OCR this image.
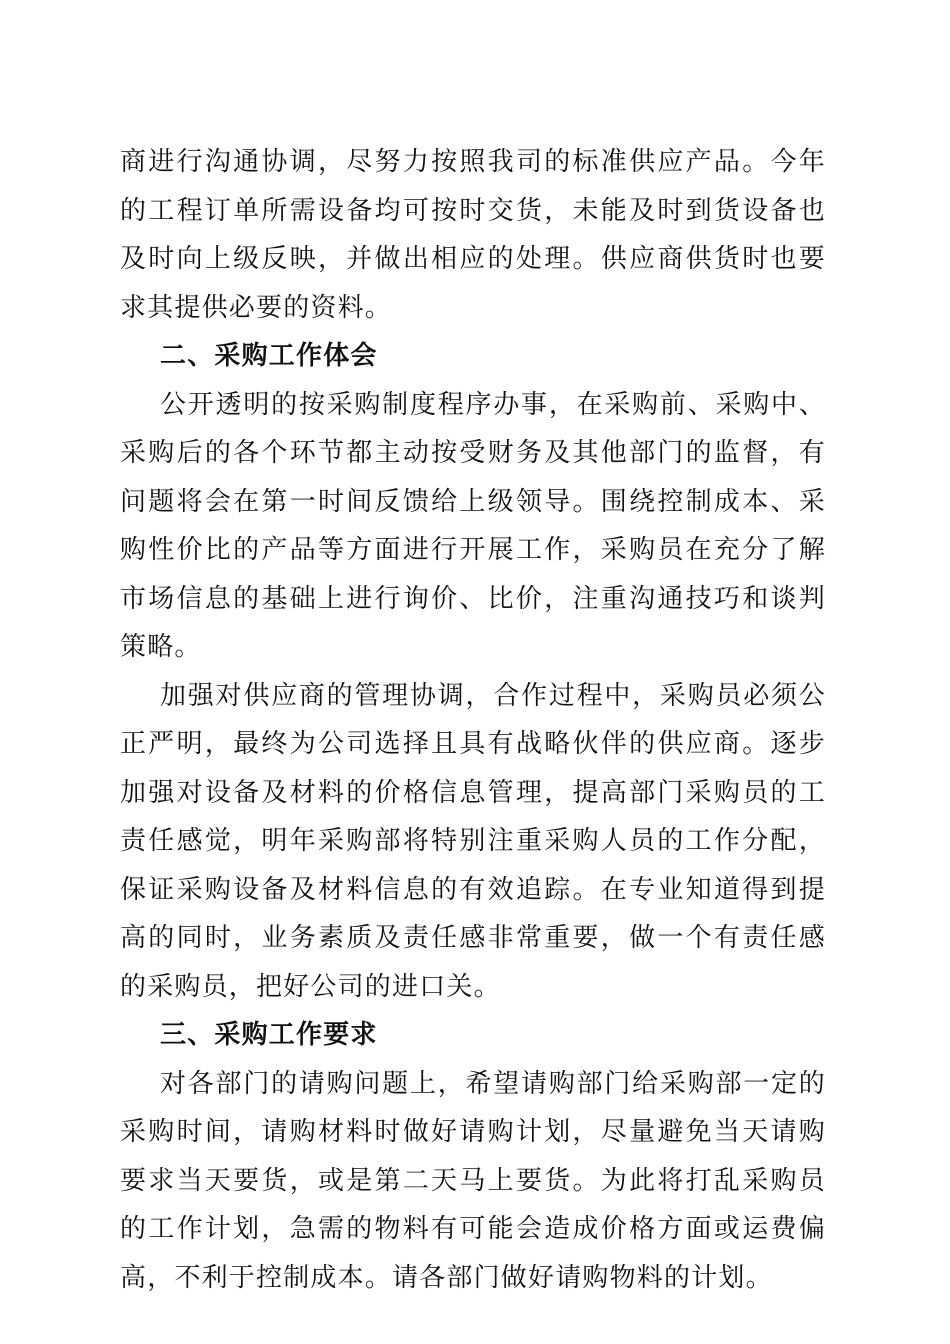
商进行沟通协调，尽努力按照我司的标准供应产品。今年的工程订单所需设备均可按时交货，未能及时到货设备也及时向上级反映，并做出相应的处理。供应商供货时也要求其提供必要的资料。

二、采购工作体会

公开透明的按采购制度程序办事，在采购前、采购中、采购后的各个环节都主动按受财务及其他部门的监督，有问题将会在第一时间反馈给上级领导。围绕控制成本、采购性价比的产品等方面进行开展工作，采购员在充分了解市场信息的基础上进行询价、比价，注重沟通技巧和谈判策略。

加强对供应商的管理协调，合作过程中，采购员必须公正严明，最终为公司选择且具有战略伙伴的供应商。逐步加强对设备及材料的价格信息管理，提高部门采购员的工责任感觉，明年采购部将特别注重采购人员的工作分配，保证采购设备及材料信息的有效追踪。在专业知道得到提高的同时，业务素质及责任感非常重要，做一个有责任感的采购员，把好公司的进口关。

三、采购工作要求

对各部门的请购问题上，希望请购部门给采购部一定的采购时间，请购材料时做好请购计划，尽量避免当天请购要求当天要货，或是第二天马上要货。为此将打乱采购员的工作计划，急需的物料有可能会造成价格方面或运费偏高，不利于控制成本。请各部门做好请购物料的计划。
